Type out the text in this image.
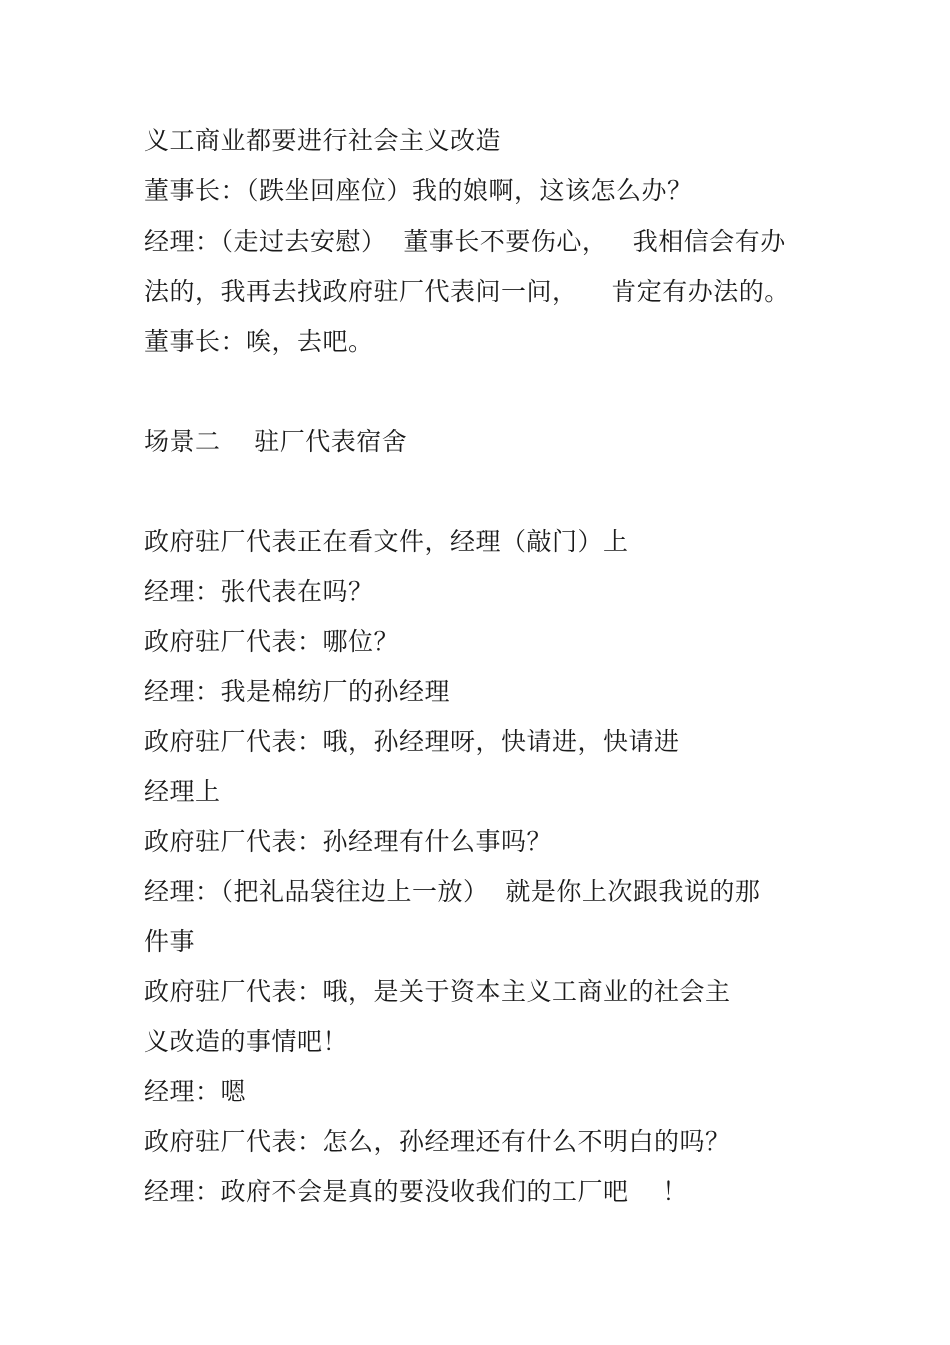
义工商业都要进行社会主义改造
董事长：（跌坐回座位）我的娘啊，这该怎么办？
经理：（走过去安慰）  董事长不要伤心，   我相信会有办
法的，我再去找政府驻厂代表问一问，    肯定有办法的。
董事长：唉，去吧。
场景二    驻厂代表宿舍
政府驻厂代表正在看文件，经理（敲门）上
经理：张代表在吗？
政府驻厂代表：哪位？
经理：我是棉纺厂的孙经理
政府驻厂代表：哦，孙经理呀，快请进，快请进
经理上
政府驻厂代表：孙经理有什么事吗？
经理：（把礼品袋往边上一放）  就是你上次跟我说的那
件事
政府驻厂代表：哦，是关于资本主义工商业的社会主
义改造的事情吧！
经理：嗯
政府驻厂代表：怎么，孙经理还有什么不明白的吗？
经理：政府不会是真的要没收我们的工厂吧    ！
